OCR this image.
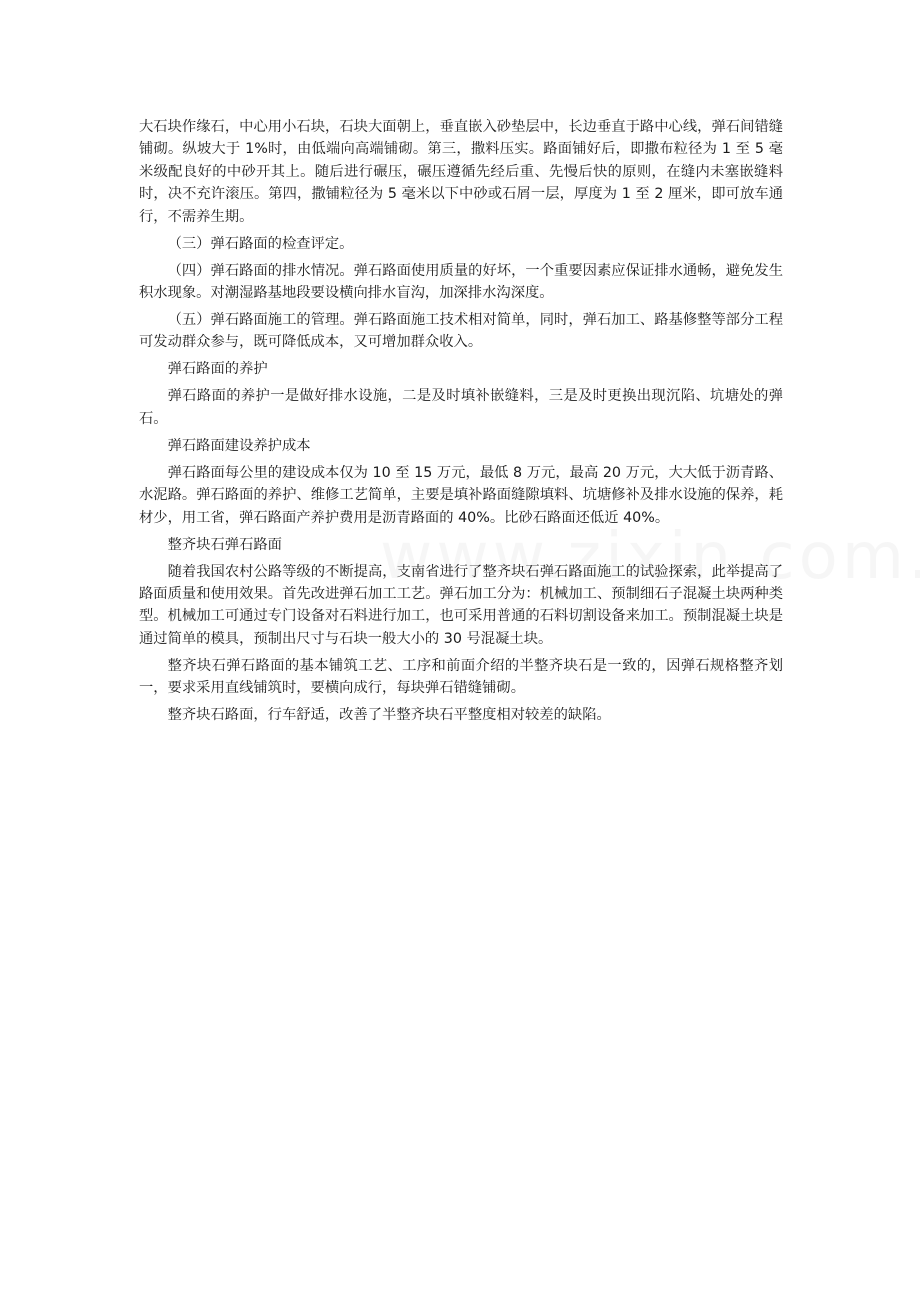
大石块作缘石，中心用小石块，石块大面朝上，垂直嵌入砂垫层中，长边垂直于路中心线，弹石间错缝铺砌。纵坡大于 1%时，由低端向高端铺砌。第三，撒料压实。路面铺好后，即撒布粒径为 1 至 5 毫米级配良好的中砂开其上。随后进行碾压，碾压遵循先经后重、先慢后快的原则，在缝内未塞嵌缝料时，决不充许滚压。第四，撒铺粒径为 5 毫米以下中砂或石屑一层，厚度为 1 至 2 厘米，即可放车通行，不需养生期。

（三）弹石路面的检查评定。

（四）弹石路面的排水情况。弹石路面使用质量的好坏，一个重要因素应保证排水通畅，避免发生积水现象。对潮湿路基地段要设横向排水盲沟，加深排水沟深度。

（五）弹石路面施工的管理。弹石路面施工技术相对简单，同时，弹石加工、路基修整等部分工程可发动群众参与，既可降低成本，又可增加群众收入。

弹石路面的养护

弹石路面的养护一是做好排水设施，二是及时填补嵌缝料，三是及时更换出现沉陷、坑塘处的弹石。

弹石路面建设养护成本

弹石路面每公里的建设成本仅为 10 至 15 万元，最低 8 万元，最高 20 万元，大大低于沥青路、水泥路。弹石路面的养护、维修工艺简单，主要是填补路面缝隙填料、坑塘修补及排水设施的保养，耗材少，用工省，弹石路面产养护费用是沥青路面的 40%。比砂石路面还低近 40%。

整齐块石弹石路面

随着我国农村公路等级的不断提高，支南省进行了整齐块石弹石路面施工的试验探索，此举提高了路面质量和使用效果。首先改进弹石加工工艺。弹石加工分为：机械加工、预制细石子混凝土块两种类型。机械加工可通过专门设备对石料进行加工，也可采用普通的石料切割设备来加工。预制混凝土块是通过简单的模具，预制出尺寸与石块一般大小的 30 号混凝土块。

整齐块石弹石路面的基本铺筑工艺、工序和前面介绍的半整齐块石是一致的，因弹石规格整齐划一，要求采用直线铺筑时，要横向成行，每块弹石错缝铺砌。

整齐块石路面，行车舒适，改善了半整齐块石平整度相对较差的缺陷。
